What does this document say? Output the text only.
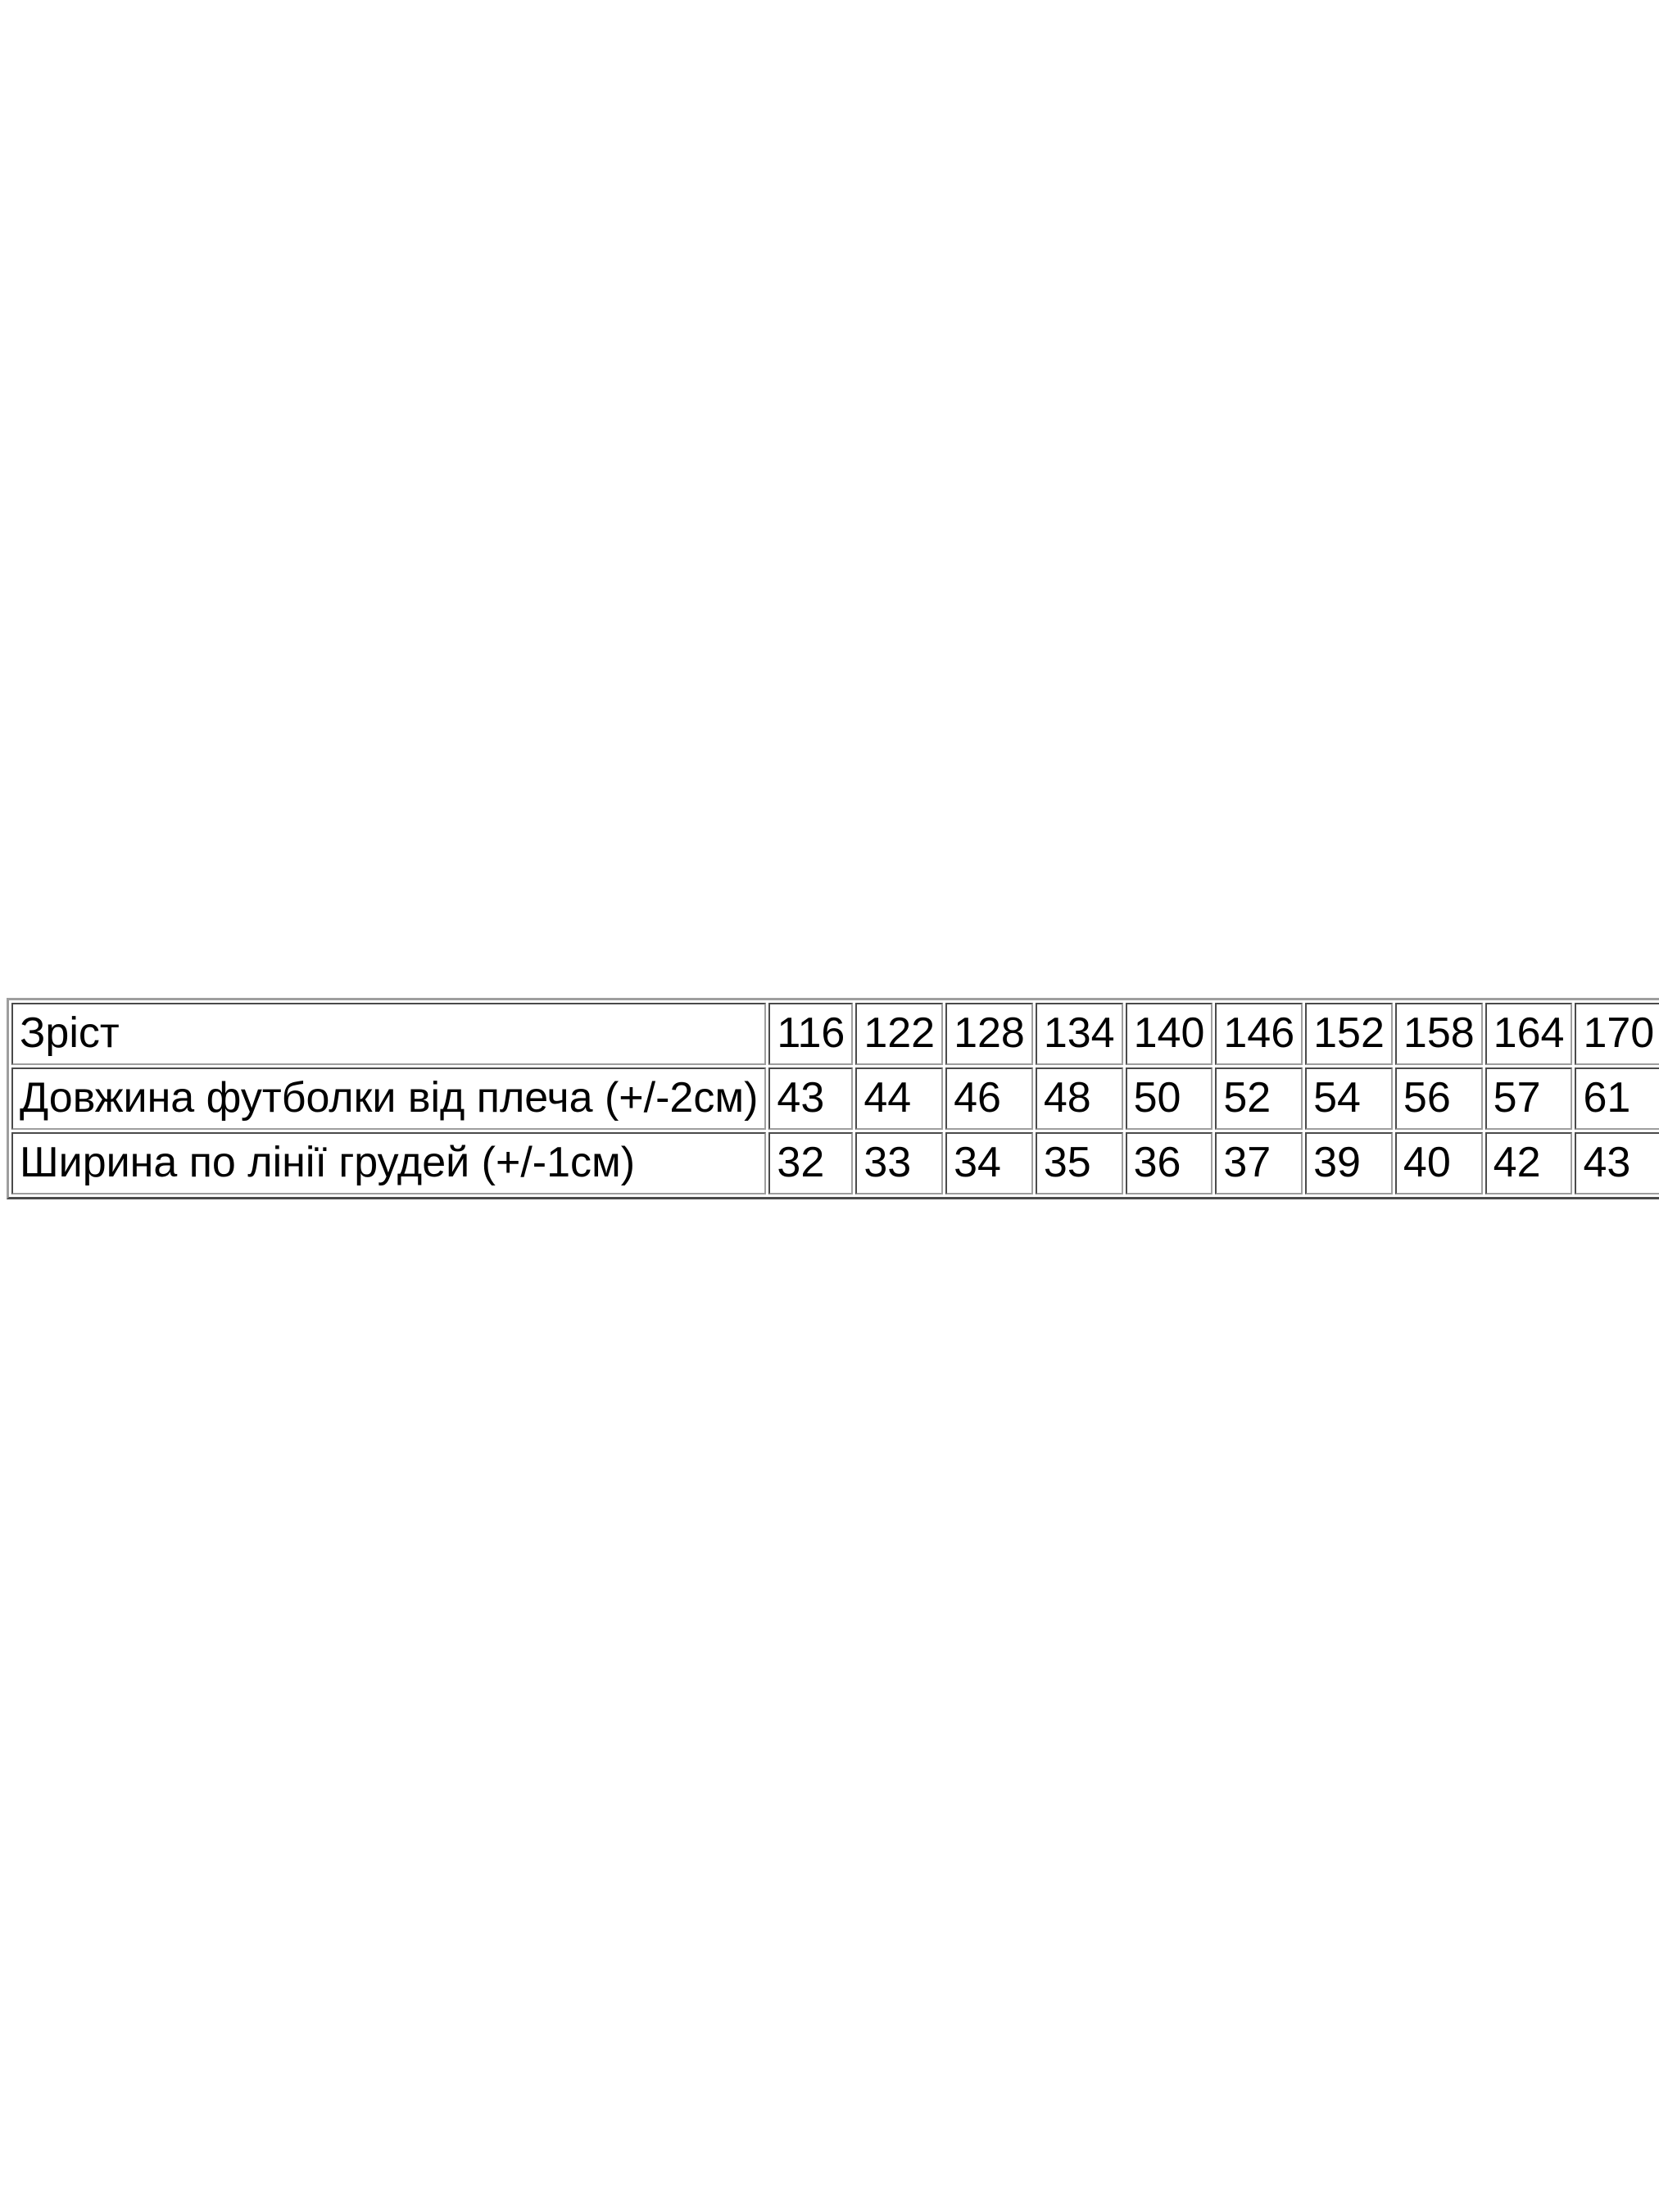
Зріст	116	122	128	134	140	146	152	158	164	170
Довжина футболки від плеча (+/-2см)	43	44	46	48	50	52	54	56	57	61
Ширина по лінії грудей (+/-1см)	32	33	34	35	36	37	39	40	42	43
